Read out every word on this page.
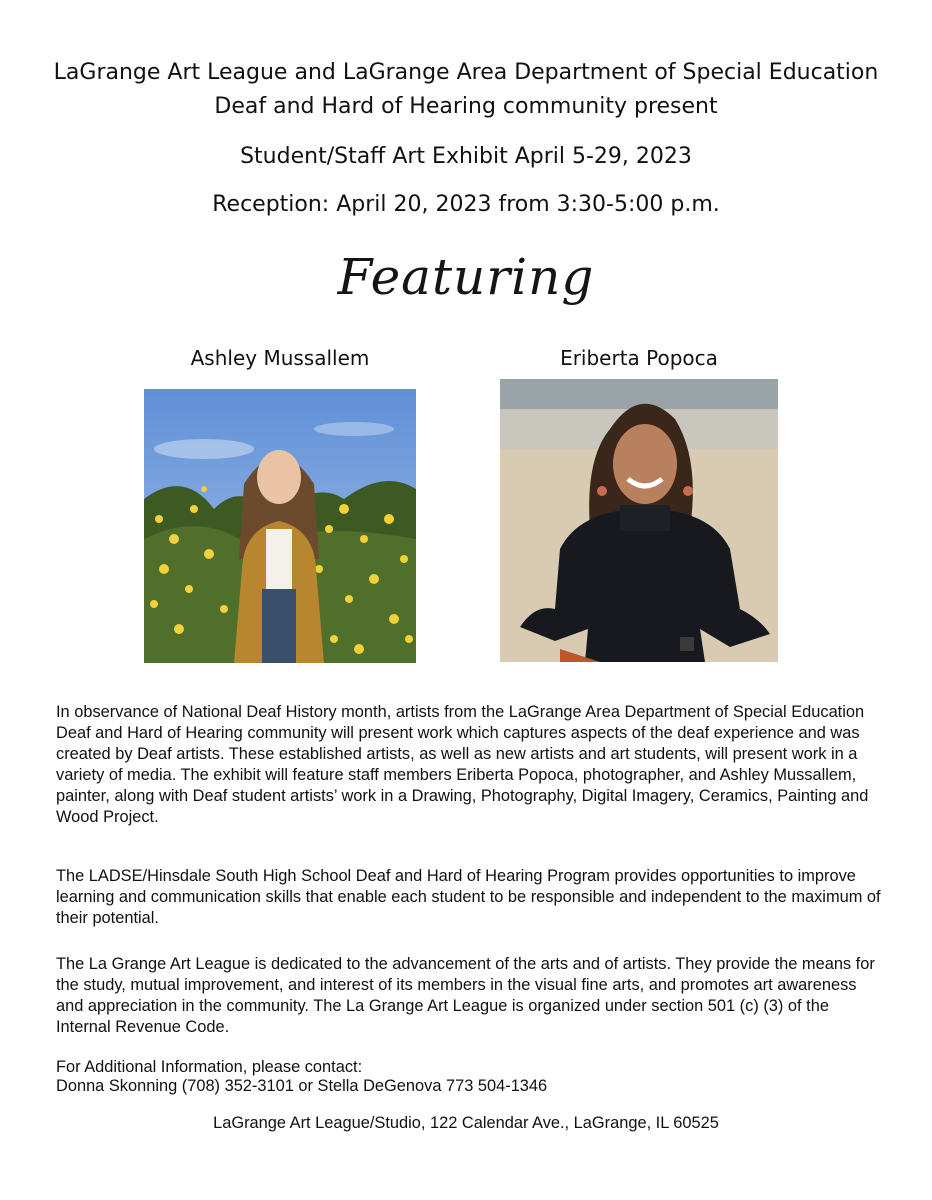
LaGrange Art League and LaGrange Area Department of Special Education
Deaf and Hard of Hearing community present
Student/Staff Art Exhibit April 5-29, 2023
Reception: April 20, 2023 from 3:30-5:00 p.m.
Featuring
Ashley Mussallem	Eriberta Popoca
In observance of National Deaf History month, artists from the LaGrange Area Department of Special Education Deaf and Hard of Hearing community will present work which captures aspects of the deaf experience and was created by Deaf artists. These established artists, as well as new artists and art students, will present work in a variety of media. The exhibit will feature staff members Eriberta Popoca, photographer, and Ashley Mussallem, painter, along with Deaf student artists’ work in a Drawing, Photography, Digital Imagery, Ceramics, Painting and Wood Project.
The LADSE/Hinsdale South High School Deaf and Hard of Hearing Program provides opportunities to improve learning and communication skills that enable each student to be responsible and independent to the maximum of their potential.
The La Grange Art League is dedicated to the advancement of the arts and of artists. They provide the means for the study, mutual improvement, and interest of its members in the visual fine arts, and promotes art awareness and appreciation in the community. The La Grange Art League is organized under section 501 (c) (3) of the Internal Revenue Code.
For Additional Information, please contact:
Donna Skonning (708) 352-3101 or Stella DeGenova 773 504-1346
LaGrange Art League/Studio, 122 Calendar Ave., LaGrange, IL 60525
